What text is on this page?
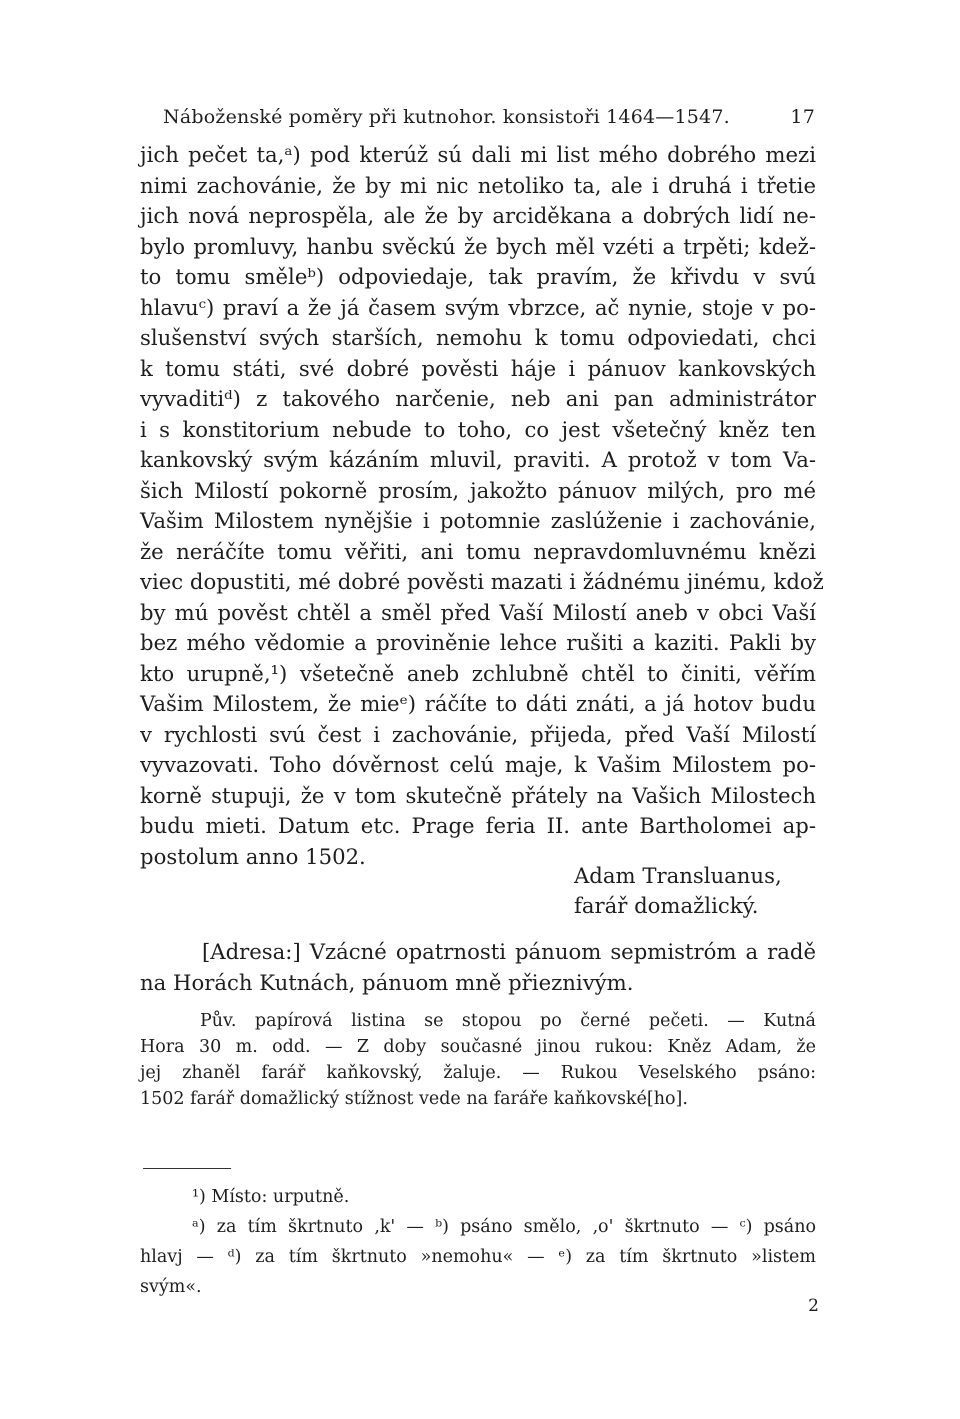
Náboženské poměry při kutnohor. konsistoři 1464—1547.	17
jich pečet ta,ᵃ) pod kterúž sú dali mi list mého dobrého mezi
nimi zachovánie, že by mi nic netoliko ta, ale i druhá i třetie
jich nová neprospěla, ale že by arciděkana a dobrých lidí ne-
bylo promluvy, hanbu svěckú že bych měl vzéti a trpěti; kdež-
to tomu směleᵇ) odpoviedaje, tak pravím, že křivdu v svú
hlavuᶜ) praví a že já časem svým vbrzce, ač nynie, stoje v po-
slušenství svých starších, nemohu k tomu odpoviedati, chci
k tomu státi, své dobré pověsti háje i pánuov kankovských
vyvaditiᵈ) z takového narčenie, neb ani pan administrátor
i s konstitorium nebude to toho, co jest všetečný kněz ten
kankovský svým kázáním mluvil, praviti. A protož v tom Va-
šich Milostí pokorně prosím, jakožto pánuov milých, pro mé
Vašim Milostem nynějšie i potomnie zaslúženie i zachovánie,
že neráčíte tomu věřiti, ani tomu nepravdomluvnému knězi
viec dopustiti, mé dobré pověsti mazati i žádnému jinému, kdož
by mú pověst chtěl a směl před Vaší Milostí aneb v obci Vaší
bez mého vědomie a proviněnie lehce rušiti a kaziti. Pakli by
kto urupně,¹) všetečně aneb zchlubně chtěl to činiti, věřím
Vašim Milostem, že mieᵉ) ráčíte to dáti znáti, a já hotov budu
v rychlosti svú čest i zachovánie, přijeda, před Vaší Milostí
vyvazovati. Toho dóvěrnost celú maje, k Vašim Milostem po-
korně stupuji, že v tom skutečně přátely na Vašich Milostech
budu mieti. Datum etc. Prage feria II. ante Bartholomei ap-
postolum anno 1502.
Adam Transluanus,
farář domažlický.
[Adresa:] Vzácné opatrnosti pánuom sepmistróm a radě
na Horách Kutnách, pánuom mně přieznivým.
Pův. papírová listina se stopou po černé pečeti. — Kutná
Hora 30 m. odd. — Z doby současné jinou rukou: Kněz Adam, že
jej zhaněl farář kaňkovský, žaluje. — Rukou Veselského psáno:
1502 farář domažlický stížnost vede na faráře kaňkovské[ho].
¹) Místo: urputně.
ᵃ) za tím škrtnuto ‚k' — ᵇ) psáno smělo, ‚o' škrtnuto — ᶜ) psáno
hlavj — ᵈ) za tím škrtnuto »nemohu« — ᵉ) za tím škrtnuto »listem
svým«.
2
